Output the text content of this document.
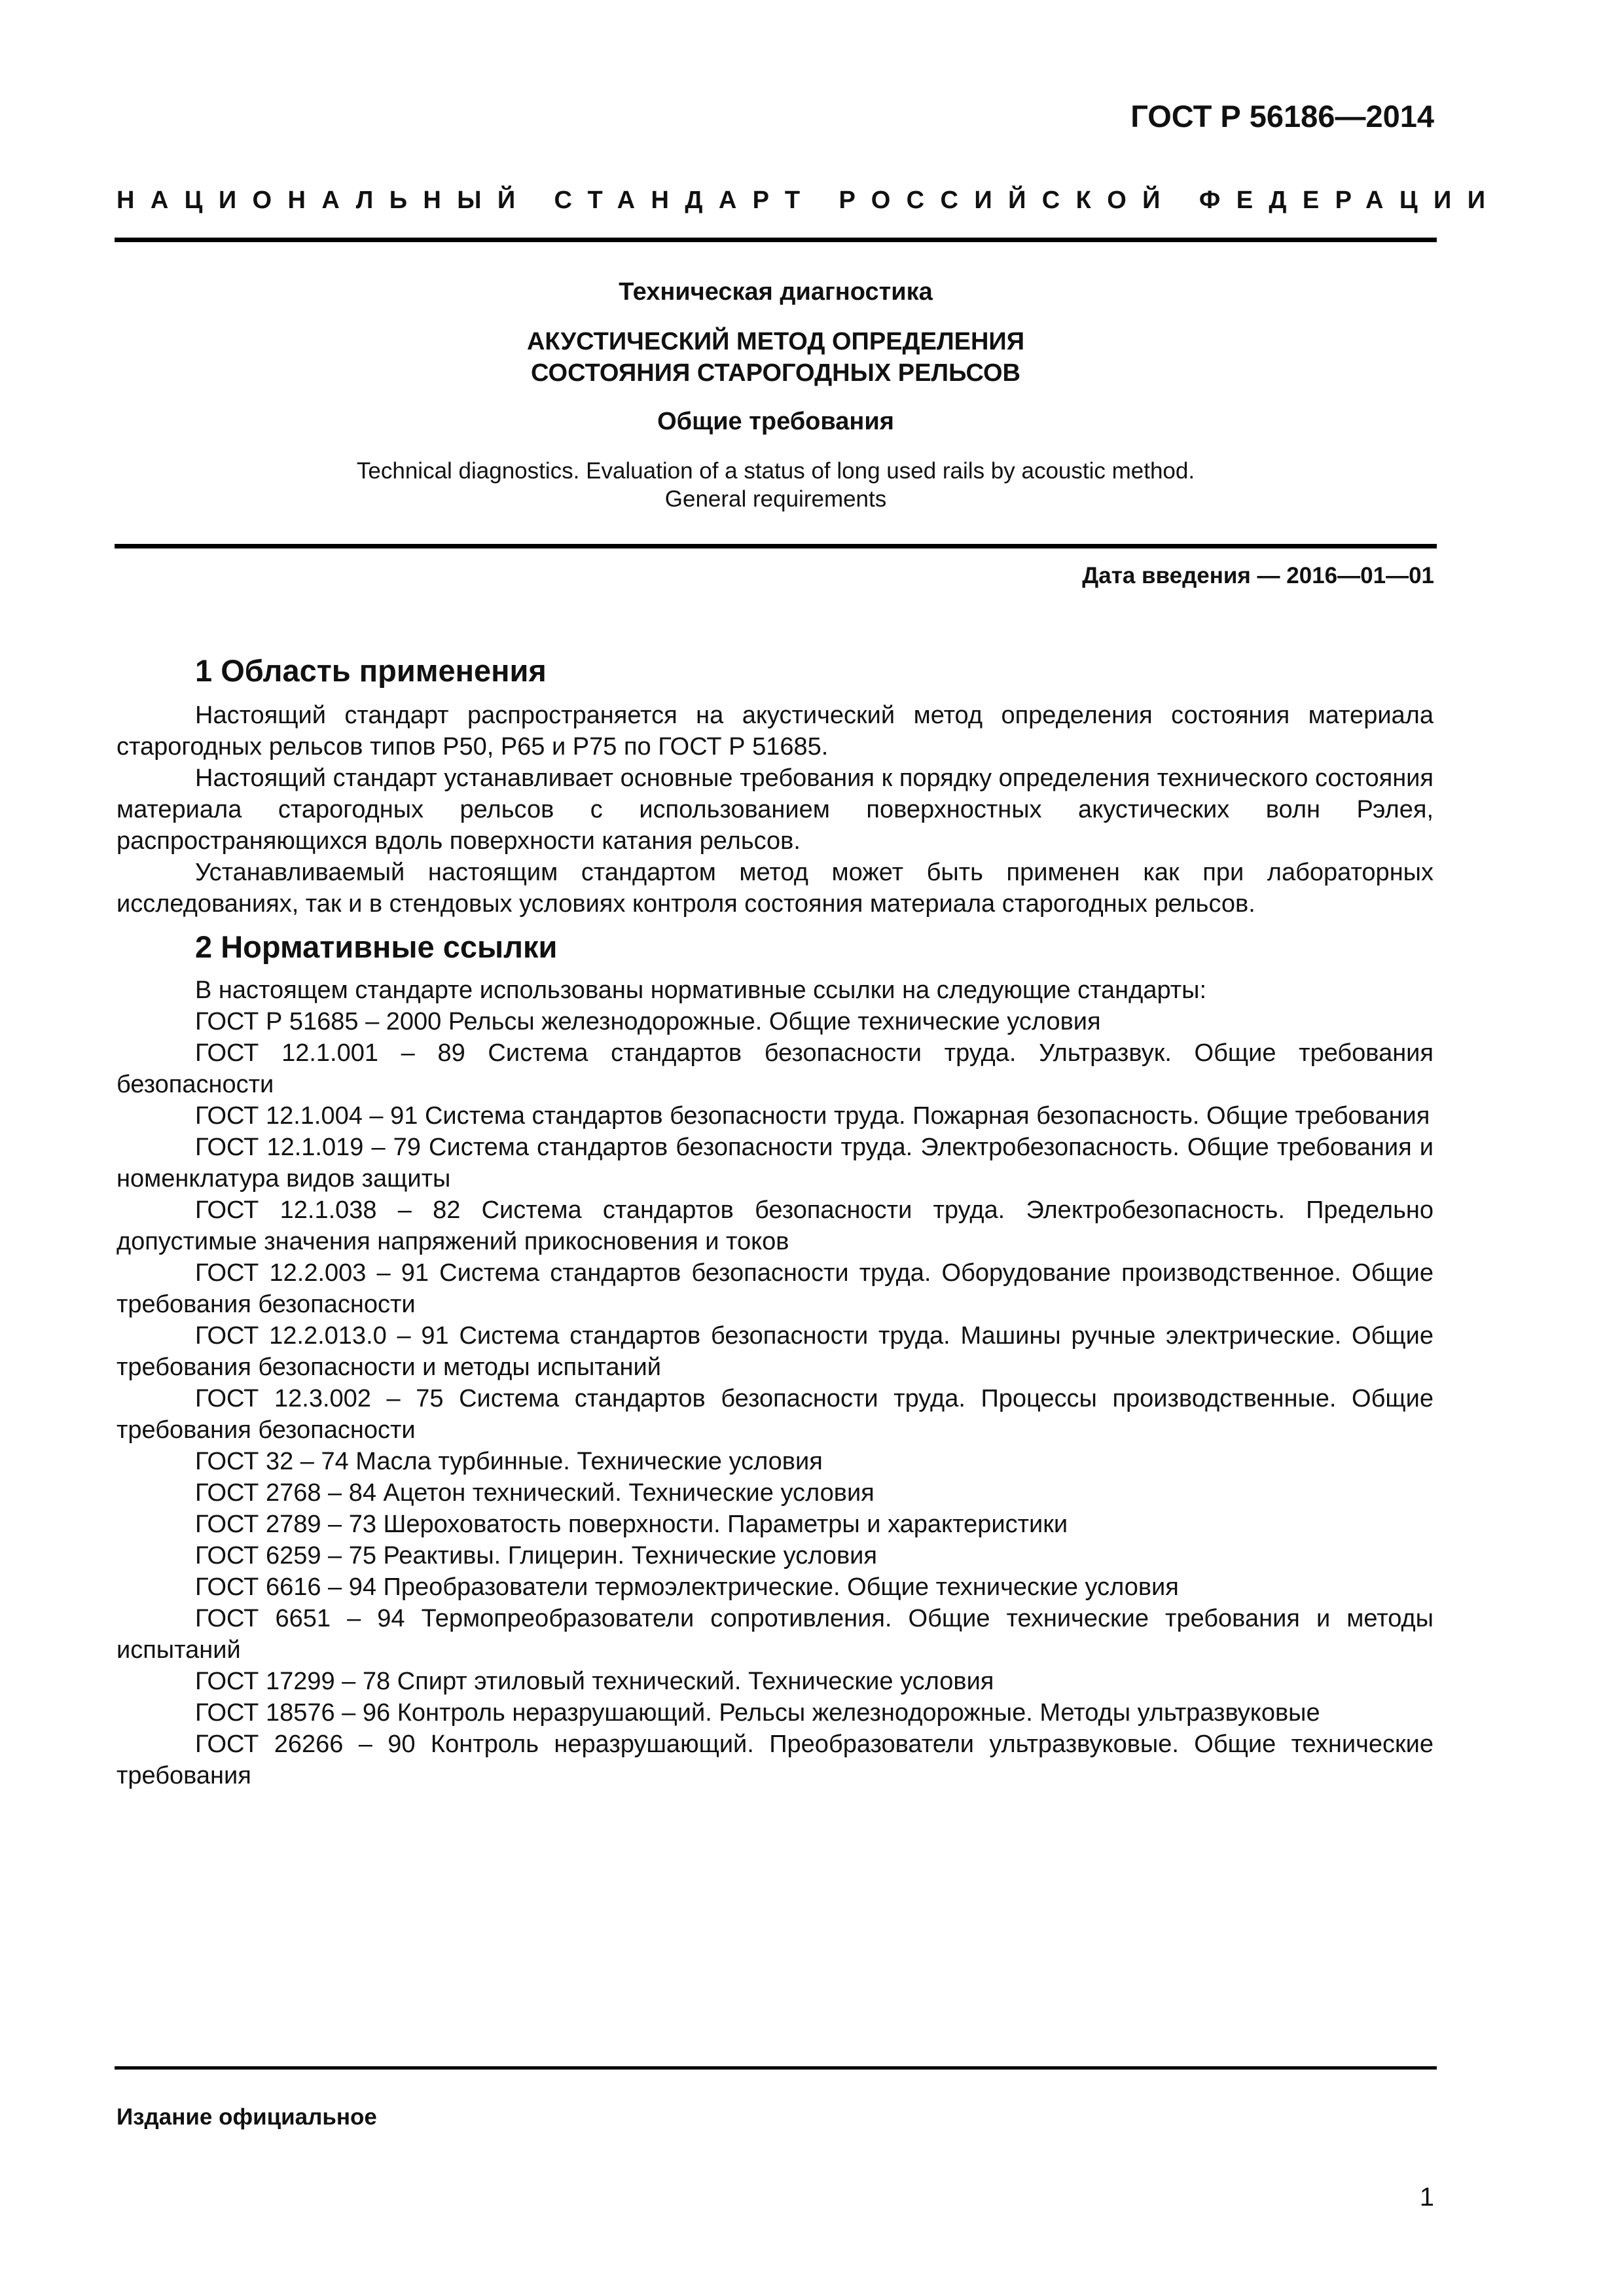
ГОСТ Р 56186—2014

НАЦИОНАЛЬНЫЙ СТАНДАРТ РОССИЙСКОЙ ФЕДЕРАЦИИ

Техническая диагностика

АКУСТИЧЕСКИЙ МЕТОД ОПРЕДЕЛЕНИЯ
СОСТОЯНИЯ СТАРОГОДНЫХ РЕЛЬСОВ

Общие требования

Technical diagnostics. Evaluation of a status of long used rails by acoustic method.
General requirements

Дата введения — 2016—01—01

1 Область применения
Настоящий стандарт распространяется на акустический метод определения состояния материала старогодных рельсов типов Р50, Р65 и Р75 по ГОСТ Р 51685.
Настоящий стандарт устанавливает основные требования к порядку определения технического состояния материала старогодных рельсов с использованием поверхностных акустических волн Рэлея, распространяющихся вдоль поверхности катания рельсов.
Устанавливаемый настоящим стандартом метод может быть применен как при лабораторных исследованиях, так и в стендовых условиях контроля состояния материала старогодных рельсов.
2 Нормативные ссылки
В настоящем стандарте использованы нормативные ссылки на следующие стандарты:
ГОСТ Р 51685 – 2000 Рельсы железнодорожные. Общие технические условия
ГОСТ 12.1.001 – 89 Система стандартов безопасности труда. Ультразвук. Общие требования безопасности
ГОСТ 12.1.004 – 91 Система стандартов безопасности труда. Пожарная безопасность. Общие требования
ГОСТ 12.1.019 – 79 Система стандартов безопасности труда. Электробезопасность. Общие требования и номенклатура видов защиты
ГОСТ 12.1.038 – 82 Система стандартов безопасности труда. Электробезопасность. Предельно допустимые значения напряжений прикосновения и токов
ГОСТ 12.2.003 – 91 Система стандартов безопасности труда. Оборудование производственное. Общие требования безопасности
ГОСТ 12.2.013.0 – 91 Система стандартов безопасности труда. Машины ручные электрические. Общие требования безопасности и методы испытаний
ГОСТ 12.3.002 – 75 Система стандартов безопасности труда. Процессы производственные. Общие требования безопасности
ГОСТ 32 – 74 Масла турбинные. Технические условия
ГОСТ 2768 – 84 Ацетон технический. Технические условия
ГОСТ 2789 – 73 Шероховатость поверхности. Параметры и характеристики
ГОСТ 6259 – 75 Реактивы. Глицерин. Технические условия
ГОСТ 6616 – 94 Преобразователи термоэлектрические. Общие технические условия
ГОСТ 6651 – 94 Термопреобразователи сопротивления. Общие технические требования и методы испытаний
ГОСТ 17299 – 78 Спирт этиловый технический. Технические условия
ГОСТ 18576 – 96 Контроль неразрушающий. Рельсы железнодорожные. Методы ультразвуковые
ГОСТ 26266 – 90 Контроль неразрушающий. Преобразователи ультразвуковые. Общие технические требования

Издание официальное

1
